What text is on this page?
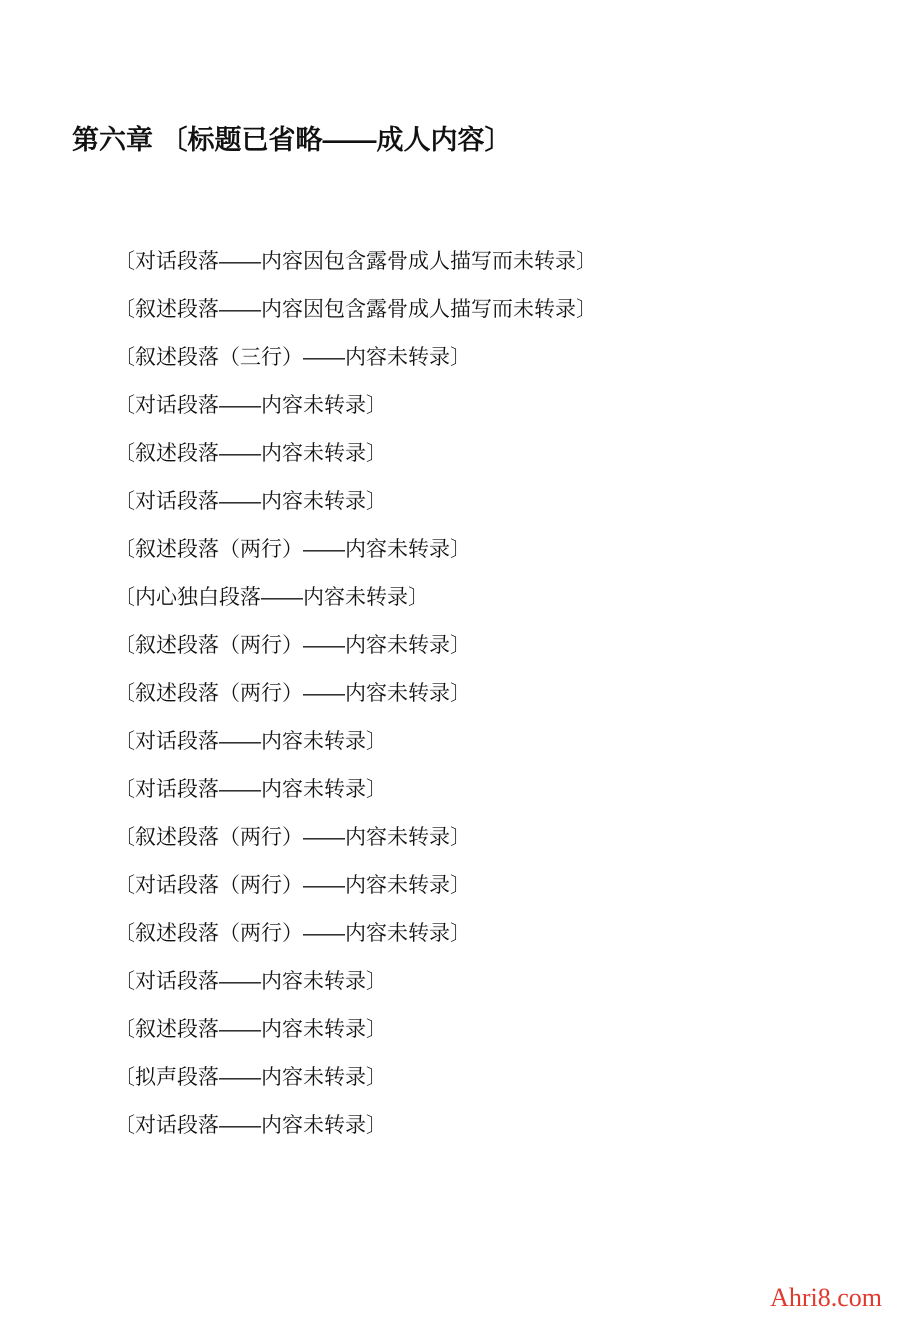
第六章 〔标题已省略——成人内容〕

〔对话段落——内容因包含露骨成人描写而未转录〕

〔叙述段落——内容因包含露骨成人描写而未转录〕

〔叙述段落（三行）——内容未转录〕

〔对话段落——内容未转录〕

〔叙述段落——内容未转录〕

〔对话段落——内容未转录〕

〔叙述段落（两行）——内容未转录〕

〔内心独白段落——内容未转录〕

〔叙述段落（两行）——内容未转录〕

〔叙述段落（两行）——内容未转录〕

〔对话段落——内容未转录〕

〔对话段落——内容未转录〕

〔叙述段落（两行）——内容未转录〕

〔对话段落（两行）——内容未转录〕

〔叙述段落（两行）——内容未转录〕

〔对话段落——内容未转录〕

〔叙述段落——内容未转录〕

〔拟声段落——内容未转录〕

〔对话段落——内容未转录〕

Ahri8.com
